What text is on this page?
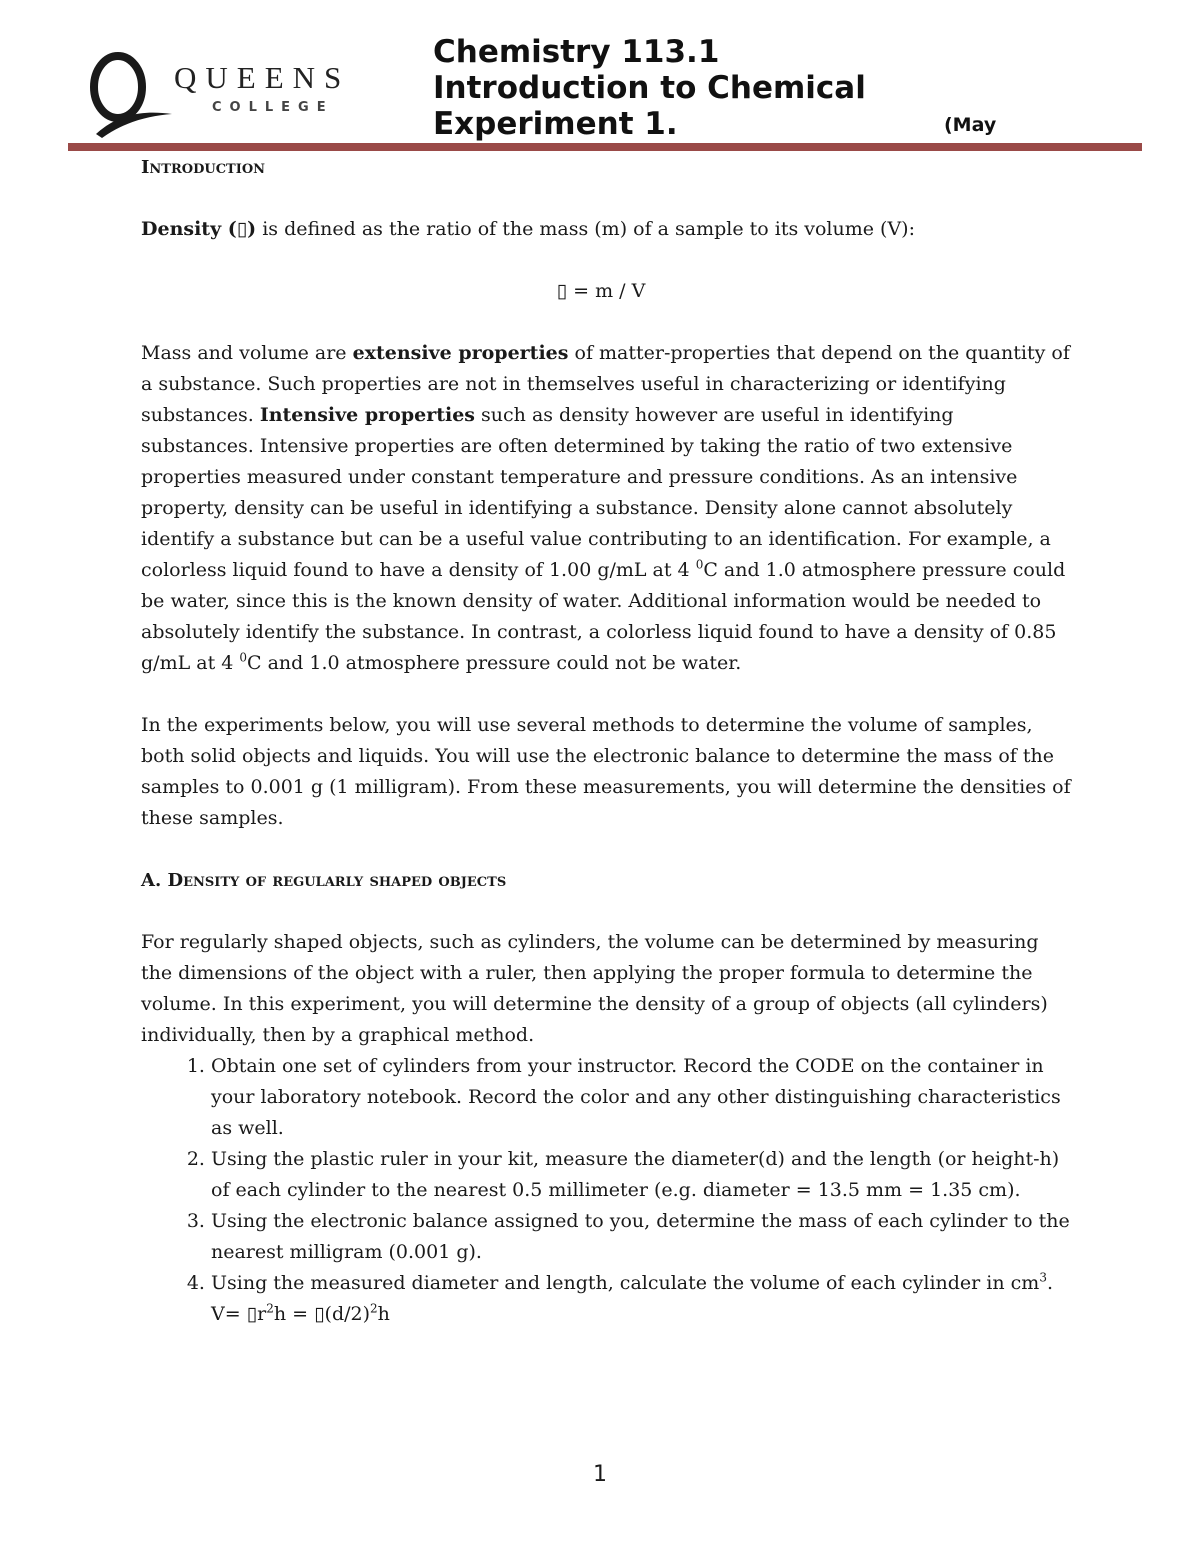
QUEENS
COLLEGE
Chemistry 113.1
Introduction to Chemical
Experiment 1.	(May

Introduction

Density (▯) is defined as the ratio of the mass (m) of a sample to its volume (V):

▯ = m / V

Mass and volume are extensive properties of matter-properties that depend on the quantity of a substance. Such properties are not in themselves useful in characterizing or identifying substances. Intensive properties such as density however are useful in identifying substances. Intensive properties are often determined by taking the ratio of two extensive properties measured under constant temperature and pressure conditions. As an intensive property, density can be useful in identifying a substance. Density alone cannot absolutely identify a substance but can be a useful value contributing to an identification. For example, a colorless liquid found to have a density of 1.00 g/mL at 4 $^0$C and 1.0 atmosphere pressure could be water, since this is the known density of water. Additional information would be needed to absolutely identify the substance. In contrast, a colorless liquid found to have a density of 0.85 g/mL at 4 $^0$C and 1.0 atmosphere pressure could not be water.

In the experiments below, you will use several methods to determine the volume of samples, both solid objects and liquids. You will use the electronic balance to determine the mass of the samples to 0.001 g (1 milligram). From these measurements, you will determine the densities of these samples.

A. Density of regularly shaped objects

For regularly shaped objects, such as cylinders, the volume can be determined by measuring the dimensions of the object with a ruler, then applying the proper formula to determine the volume. In this experiment, you will determine the density of a group of objects (all cylinders) individually, then by a graphical method.

1. Obtain one set of cylinders from your instructor. Record the CODE on the container in your laboratory notebook. Record the color and any other distinguishing characteristics as well.
2. Using the plastic ruler in your kit, measure the diameter(d) and the length (or height-h) of each cylinder to the nearest 0.5 millimeter (e.g. diameter = 13.5 mm = 1.35 cm).
3. Using the electronic balance assigned to you, determine the mass of each cylinder to the nearest milligram (0.001 g).
4. Using the measured diameter and length, calculate the volume of each cylinder in $cm^3$.

$V= ▯r^2h$ = $▯(d/2)^2h$

1
